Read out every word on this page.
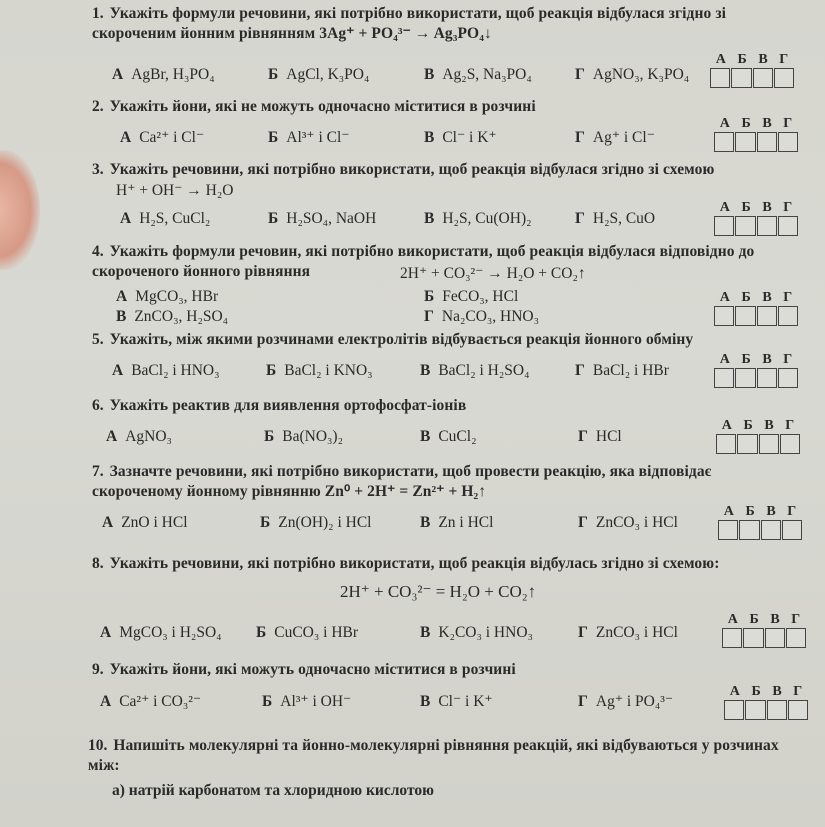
1. Укажіть формули речовини, які потрібно використати, щоб реакція відбулася згідно зі скороченим йонним рівнянням 3Ag⁺ + PO₄³⁻ → Ag₃PO₄↓
А AgBr, H₃PO₄	Б AgCl, K₃PO₄	В Ag₂S, Na₃PO₄	Г AgNO₃, K₃PO₄
А Б В Г
2. Укажіть йони, які не можуть одночасно міститися в розчині
А Ca²⁺ і Cl⁻	Б Al³⁺ і Cl⁻	В Cl⁻ і K⁺	Г Ag⁺ і Cl⁻
А Б В Г
3. Укажіть речовини, які потрібно використати, щоб реакція відбулася згідно зі схемою
H⁺ + OH⁻ → H₂O
А H₂S, CuCl₂	Б H₂SO₄, NaOH	В H₂S, Cu(OH)₂	Г H₂S, CuO
А Б В Г
4. Укажіть формули речовин, які потрібно використати, щоб реакція відбулася відповідно до скороченого йонного рівняння	2H⁺ + CO₃²⁻ → H₂O + CO₂↑
А MgCO₃, HBr	Б FeCO₃, HCl
В ZnCO₃, H₂SO₄	Г Na₂CO₃, HNO₃
А Б В Г
5. Укажіть, між якими розчинами електролітів відбувається реакція йонного обміну
А BaCl₂ і HNO₃	Б BaCl₂ і KNO₃	В BaCl₂ і H₂SO₄	Г BaCl₂ і HBr
А Б В Г
6. Укажіть реактив для виявлення ортофосфат-іонів
А AgNO₃	Б Ba(NO₃)₂	В CuCl₂	Г HCl
А Б В Г
7. Зазначте речовини, які потрібно використати, щоб провести реакцію, яка відповідає скороченому йонному рівнянню Zn⁰ + 2H⁺ = Zn²⁺ + H₂↑
А ZnO і HCl	Б Zn(OH)₂ і HCl	В Zn і HCl	Г ZnCO₃ і HCl
А Б В Г
8. Укажіть речовини, які потрібно використати, щоб реакція відбулась згідно зі схемою:
2H⁺ + CO₃²⁻ = H₂O + CO₂↑
А MgCO₃ і H₂SO₄ Б CuCO₃ і HBr	В K₂CO₃ і HNO₃	Г ZnCO₃ і HCl
А Б В Г
9. Укажіть йони, які можуть одночасно міститися в розчині
А Ca²⁺ і CO₃²⁻	Б Al³⁺ і OH⁻	В Cl⁻ і K⁺	Г Ag⁺ і PO₄³⁻
А Б В Г
10. Напишіть молекулярні та йонно-молекулярні рівняння реакцій, які відбуваються у розчинах між:
а) натрій карбонатом та хлоридною кислотою
